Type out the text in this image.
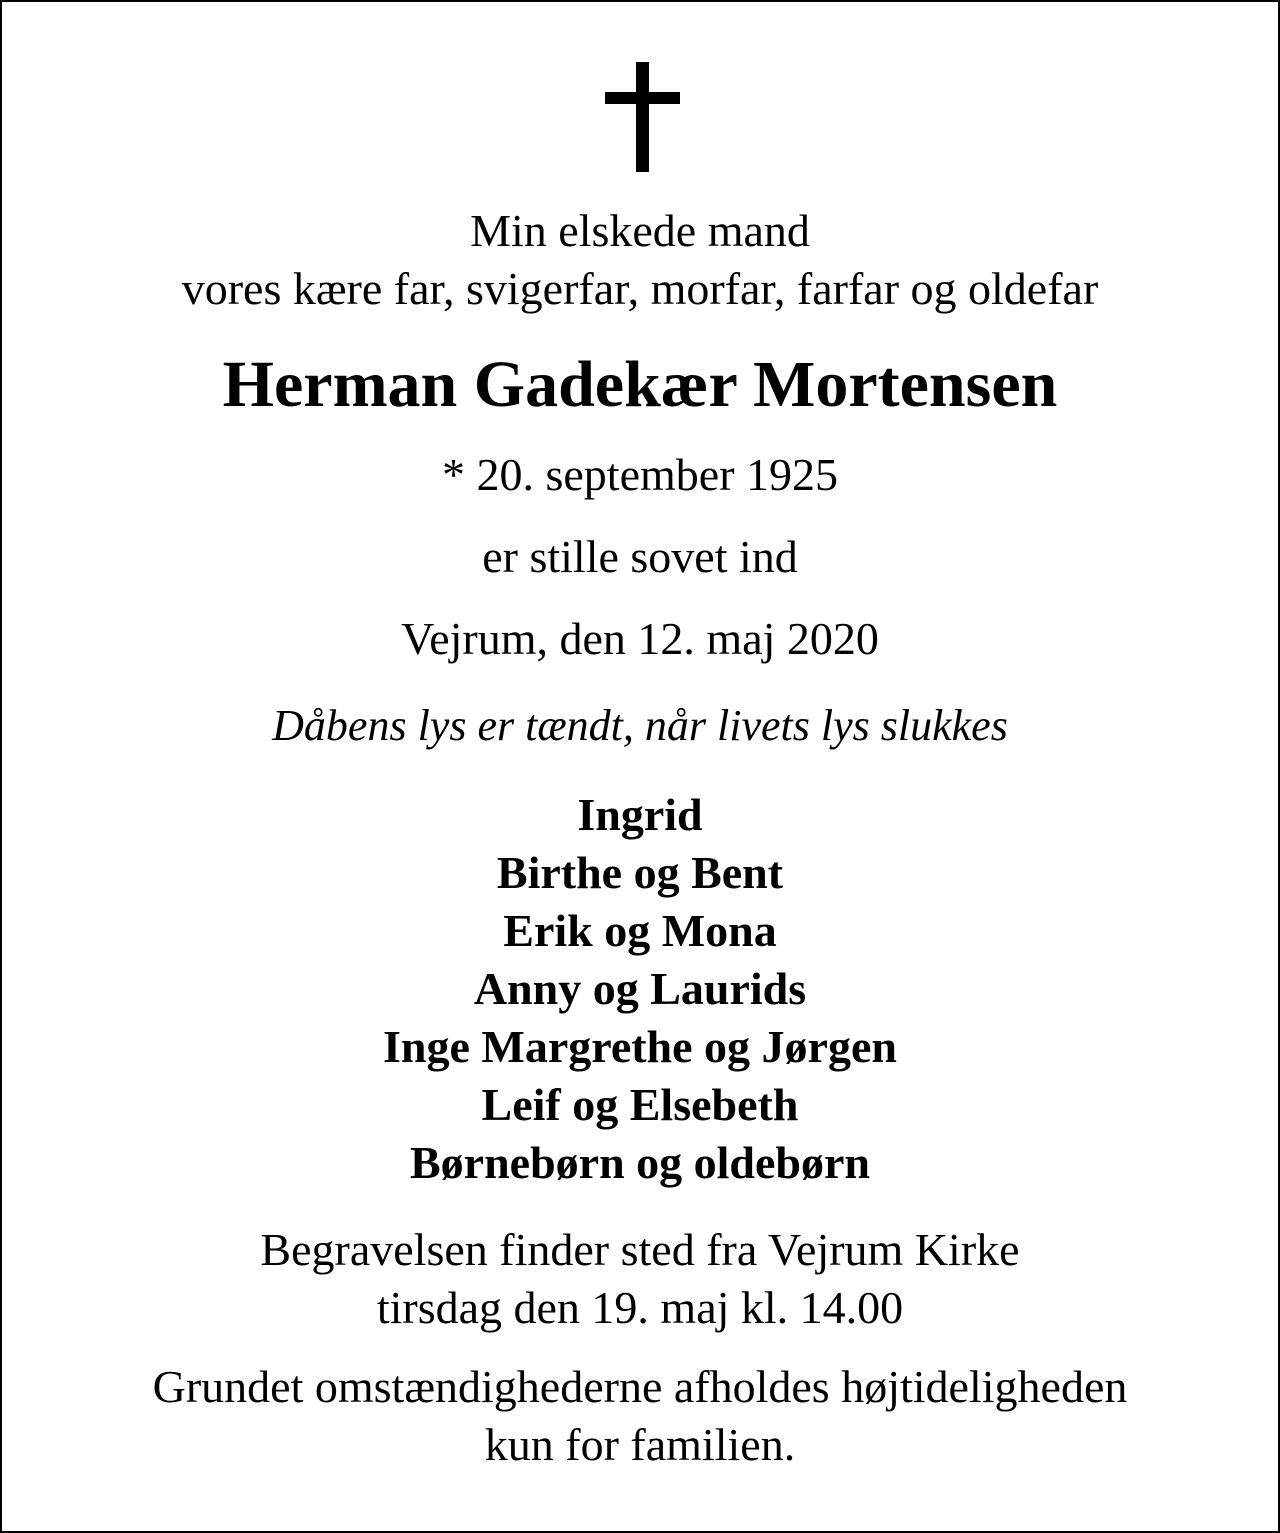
Min elskede mand
vores kære far, svigerfar, morfar, farfar og oldefar
Herman Gadekær Mortensen
* 20. september 1925
er stille sovet ind
Vejrum, den 12. maj 2020
Dåbens lys er tændt, når livets lys slukkes
Ingrid
Birthe og Bent
Erik og Mona
Anny og Laurids
Inge Margrethe og Jørgen
Leif og Elsebeth
Børnebørn og oldebørn
Begravelsen finder sted fra Vejrum Kirke
tirsdag den 19. maj kl. 14.00
Grundet omstændighederne afholdes højtideligheden
kun for familien.
